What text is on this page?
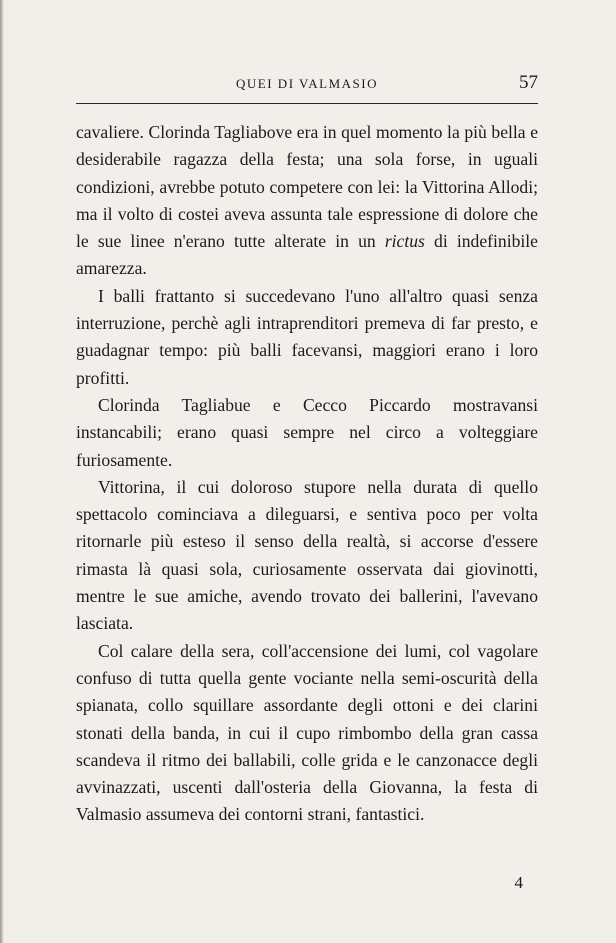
QUEI DI VALMASIO	57

cavaliere. Clorinda Tagliabove era in quel momento la più bella e desiderabile ragazza della festa; una sola forse, in uguali condizioni, avrebbe potuto competere con lei: la Vittorina Allodi; ma il volto di costei aveva assunta tale espressione di dolore che le sue linee n'erano tutte alterate in un rictus di indefinibile amarezza.

I balli frattanto si succedevano l'uno all'altro quasi senza interruzione, perchè agli intraprenditori premeva di far presto, e guadagnar tempo: più balli facevansi, maggiori erano i loro profitti.

Clorinda Tagliabue e Cecco Piccardo mostravansi instancabili; erano quasi sempre nel circo a volteggiare furiosamente.

Vittorina, il cui doloroso stupore nella durata di quello spettacolo cominciava a dileguarsi, e sentiva poco per volta ritornarle più esteso il senso della realtà, si accorse d'essere rimasta là quasi sola, curiosamente osservata dai giovinotti, mentre le sue amiche, avendo trovato dei ballerini, l'avevano lasciata.

Col calare della sera, coll'accensione dei lumi, col vagolare confuso di tutta quella gente vociante nella semi-oscurità della spianata, collo squillare assordante degli ottoni e dei clarini stonati della banda, in cui il cupo rimbombo della gran cassa scandeva il ritmo dei ballabili, colle grida e le canzonacce degli avvinazzati, uscenti dall'osteria della Giovanna, la festa di Valmasio assumeva dei contorni strani, fantastici.

4
